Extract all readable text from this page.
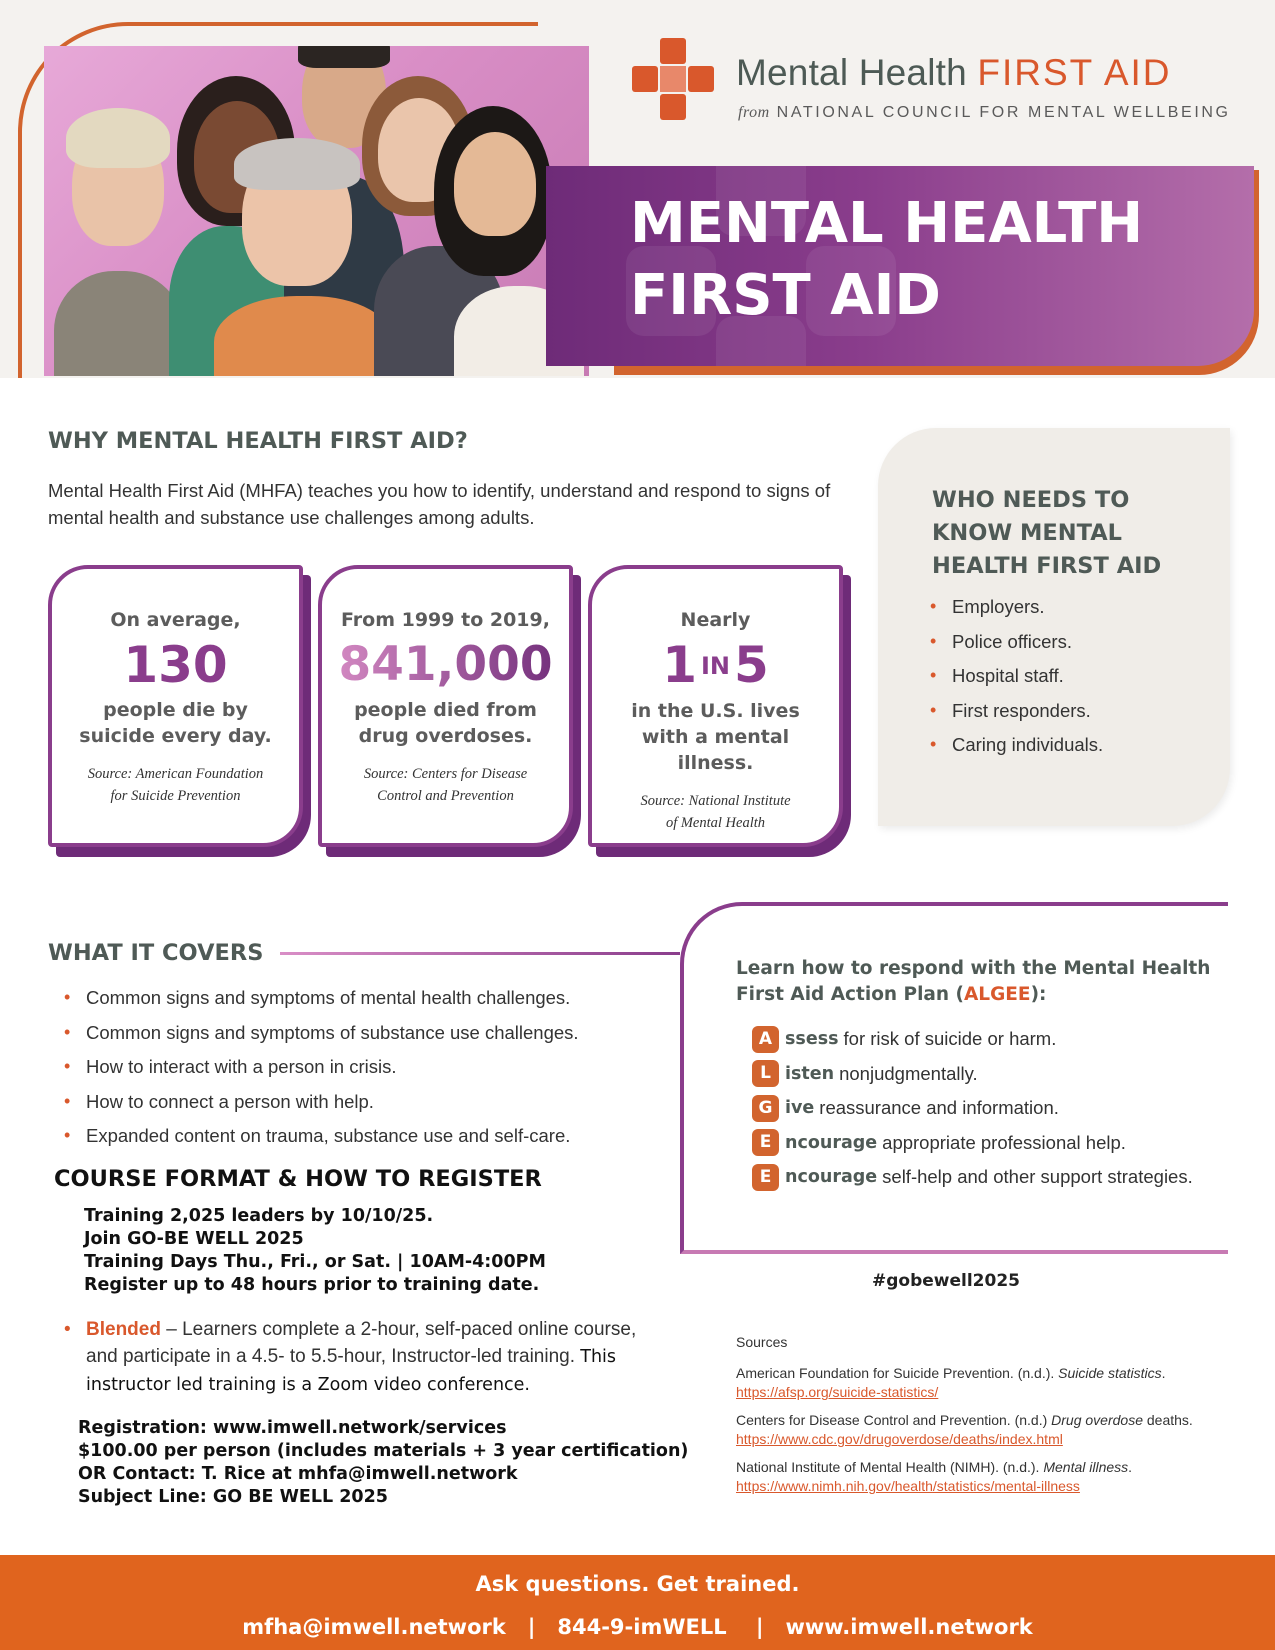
Mental Health FIRST AID
from NATIONAL COUNCIL FOR MENTAL WELLBEING
MENTAL HEALTH
FIRST AID
WHY MENTAL HEALTH FIRST AID?
Mental Health First Aid (MHFA) teaches you how to identify, understand and respond to signs of mental health and substance use challenges among adults.
On average,
130
people die by
suicide every day.
Source: American Foundation
for Suicide Prevention
From 1999 to 2019,
841,000
people died from
drug overdoses.
Source: Centers for Disease
Control and Prevention
Nearly
1 IN5
in the U.S. lives
with a mental illness.
Source: National Institute
of Mental Health
WHO NEEDS TO KNOW MENTAL HEALTH FIRST AID
• Employers.
• Police officers.
• Hospital staff.
• First responders.
• Caring individuals.
WHAT IT COVERS
• Common signs and symptoms of mental health challenges.
• Common signs and symptoms of substance use challenges.
• How to interact with a person in crisis.
• How to connect a person with help.
• Expanded content on trauma, substance use and self-care.
Learn how to respond with the Mental Health First Aid Action Plan (ALGEE):
A ssess for risk of suicide or harm.
L isten nonjudgmentally.
G ive reassurance and information.
E ncourage appropriate professional help.
E ncourage self-help and other support strategies.
#gobewell2025
COURSE FORMAT & HOW TO REGISTER
Training 2,025 leaders by 10/10/25.
Join GO-BE WELL 2025
Training Days Thu., Fri., or Sat. | 10AM-4:00PM
Register up to 48 hours prior to training date.
• Blended – Learners complete a 2-hour, self-paced online course, and participate in a 4.5- to 5.5-hour, Instructor-led training. This instructor led training is a Zoom video conference.
Registration: www.imwell.network/services
$100.00 per person (includes materials + 3 year certification)
OR Contact: T. Rice at mhfa@imwell.network
Subject Line: GO BE WELL 2025
Sources

American Foundation for Suicide Prevention. (n.d.). Suicide statistics.
https://afsp.org/suicide-statistics/

Centers for Disease Control and Prevention. (n.d.) Drug overdose deaths. https://www.cdc.gov/drugoverdose/deaths/index.html

National Institute of Mental Health (NIMH). (n.d.). Mental illness.
https://www.nimh.nih.gov/health/statistics/mental-illness

Ask questions. Get trained.
mfha@imwell.network   |   844-9-imWELL    |   www.imwell.network
